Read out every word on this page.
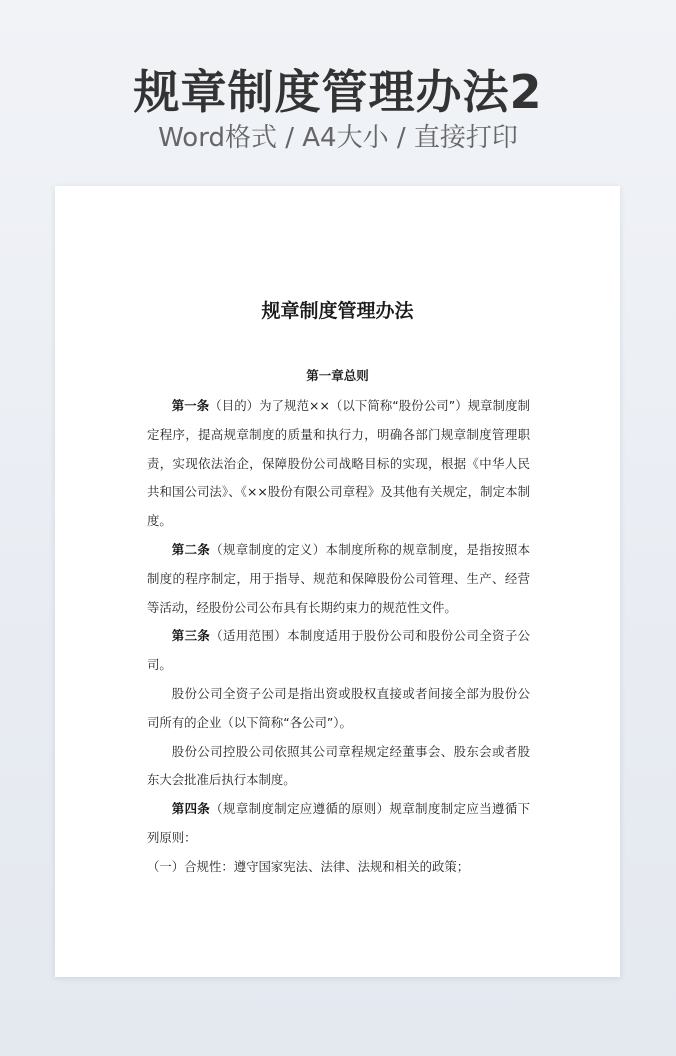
规章制度管理办法2
Word格式 / A4大小 / 直接打印
规章制度管理办法
第一章总则

第一条（目的）为了规范××（以下简称“股份公司”）规章制度制定程序，提高规章制度的质量和执行力，明确各部门规章制度管理职责，实现依法治企，保障股份公司战略目标的实现，根据《中华人民共和国公司法》、《××股份有限公司章程》及其他有关规定，制定本制度。

第二条（规章制度的定义）本制度所称的规章制度，是指按照本制度的程序制定，用于指导、规范和保障股份公司管理、生产、经营等活动，经股份公司公布具有长期约束力的规范性文件。

第三条（适用范围）本制度适用于股份公司和股份公司全资子公司。

股份公司全资子公司是指出资或股权直接或者间接全部为股份公司所有的企业（以下简称“各公司”）。

股份公司控股公司依照其公司章程规定经董事会、股东会或者股东大会批准后执行本制度。

第四条（规章制度制定应遵循的原则）规章制度制定应当遵循下列原则：

（一）合规性：遵守国家宪法、法律、法规和相关的政策；
